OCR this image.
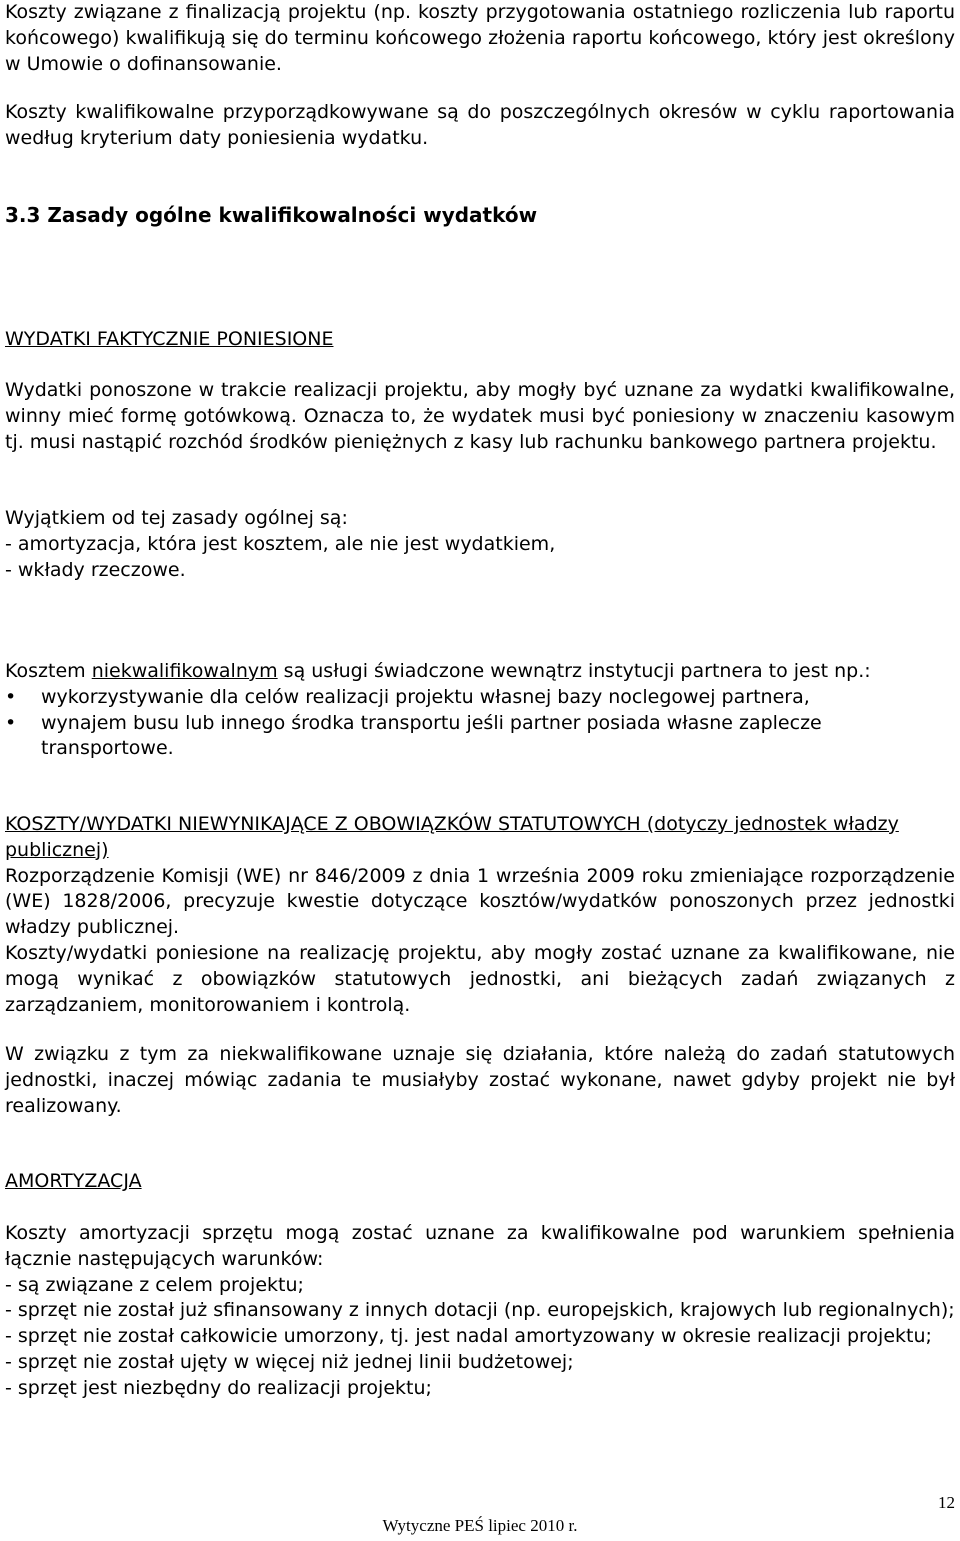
Koszty związane z finalizacją projektu (np. koszty przygotowania ostatniego rozliczenia lub raportu końcowego) kwalifikują się do terminu końcowego złożenia raportu końcowego, który jest określony w Umowie o dofinansowanie.

Koszty kwalifikowalne przyporządkowywane są do poszczególnych okresów w cyklu raportowania według kryterium daty poniesienia wydatku.

3.3 Zasady ogólne kwalifikowalności wydatków

WYDATKI FAKTYCZNIE PONIESIONE

Wydatki ponoszone w trakcie realizacji projektu, aby mogły być uznane za wydatki kwalifikowalne, winny mieć formę gotówkową. Oznacza to, że wydatek musi być poniesiony w znaczeniu kasowym tj. musi nastąpić rozchód środków pieniężnych z kasy lub rachunku bankowego partnera projektu.

Wyjątkiem od tej zasady ogólnej są:

- amortyzacja, która jest kosztem, ale nie jest wydatkiem,

- wkłady rzeczowe.

Kosztem niekwalifikowalnym są usługi świadczone wewnątrz instytucji partnera to jest np.:

• wykorzystywanie dla celów realizacji projektu własnej bazy noclegowej partnera,
• wynajem busu lub innego środka transportu jeśli partner posiada własne zaplecze transportowe.

KOSZTY/WYDATKI NIEWYNIKAJĄCE Z OBOWIĄZKÓW STATUTOWYCH (dotyczy jednostek władzy publicznej)

Rozporządzenie Komisji (WE) nr 846/2009 z dnia 1 września 2009 roku zmieniające rozporządzenie (WE) 1828/2006, precyzuje kwestie dotyczące kosztów/wydatków ponoszonych przez jednostki władzy publicznej.

Koszty/wydatki poniesione na realizację projektu, aby mogły zostać uznane za kwalifikowane, nie mogą wynikać z obowiązków statutowych jednostki, ani bieżących zadań związanych z zarządzaniem, monitorowaniem i kontrolą.

W związku z tym za niekwalifikowane uznaje się działania, które należą do zadań statutowych jednostki, inaczej mówiąc zadania te musiałyby zostać wykonane, nawet gdyby projekt nie był realizowany.

AMORTYZACJA

Koszty amortyzacji sprzętu mogą zostać uznane za kwalifikowalne pod warunkiem spełnienia łącznie następujących warunków:

- są związane z celem projektu;

- sprzęt nie został już sfinansowany z innych dotacji (np. europejskich, krajowych lub regionalnych);

- sprzęt nie został całkowicie umorzony, tj. jest nadal amortyzowany w okresie realizacji projektu;

- sprzęt nie został ujęty w więcej niż jednej linii budżetowej;

- sprzęt jest niezbędny do realizacji projektu;

12
Wytyczne PEŚ lipiec 2010 r.
